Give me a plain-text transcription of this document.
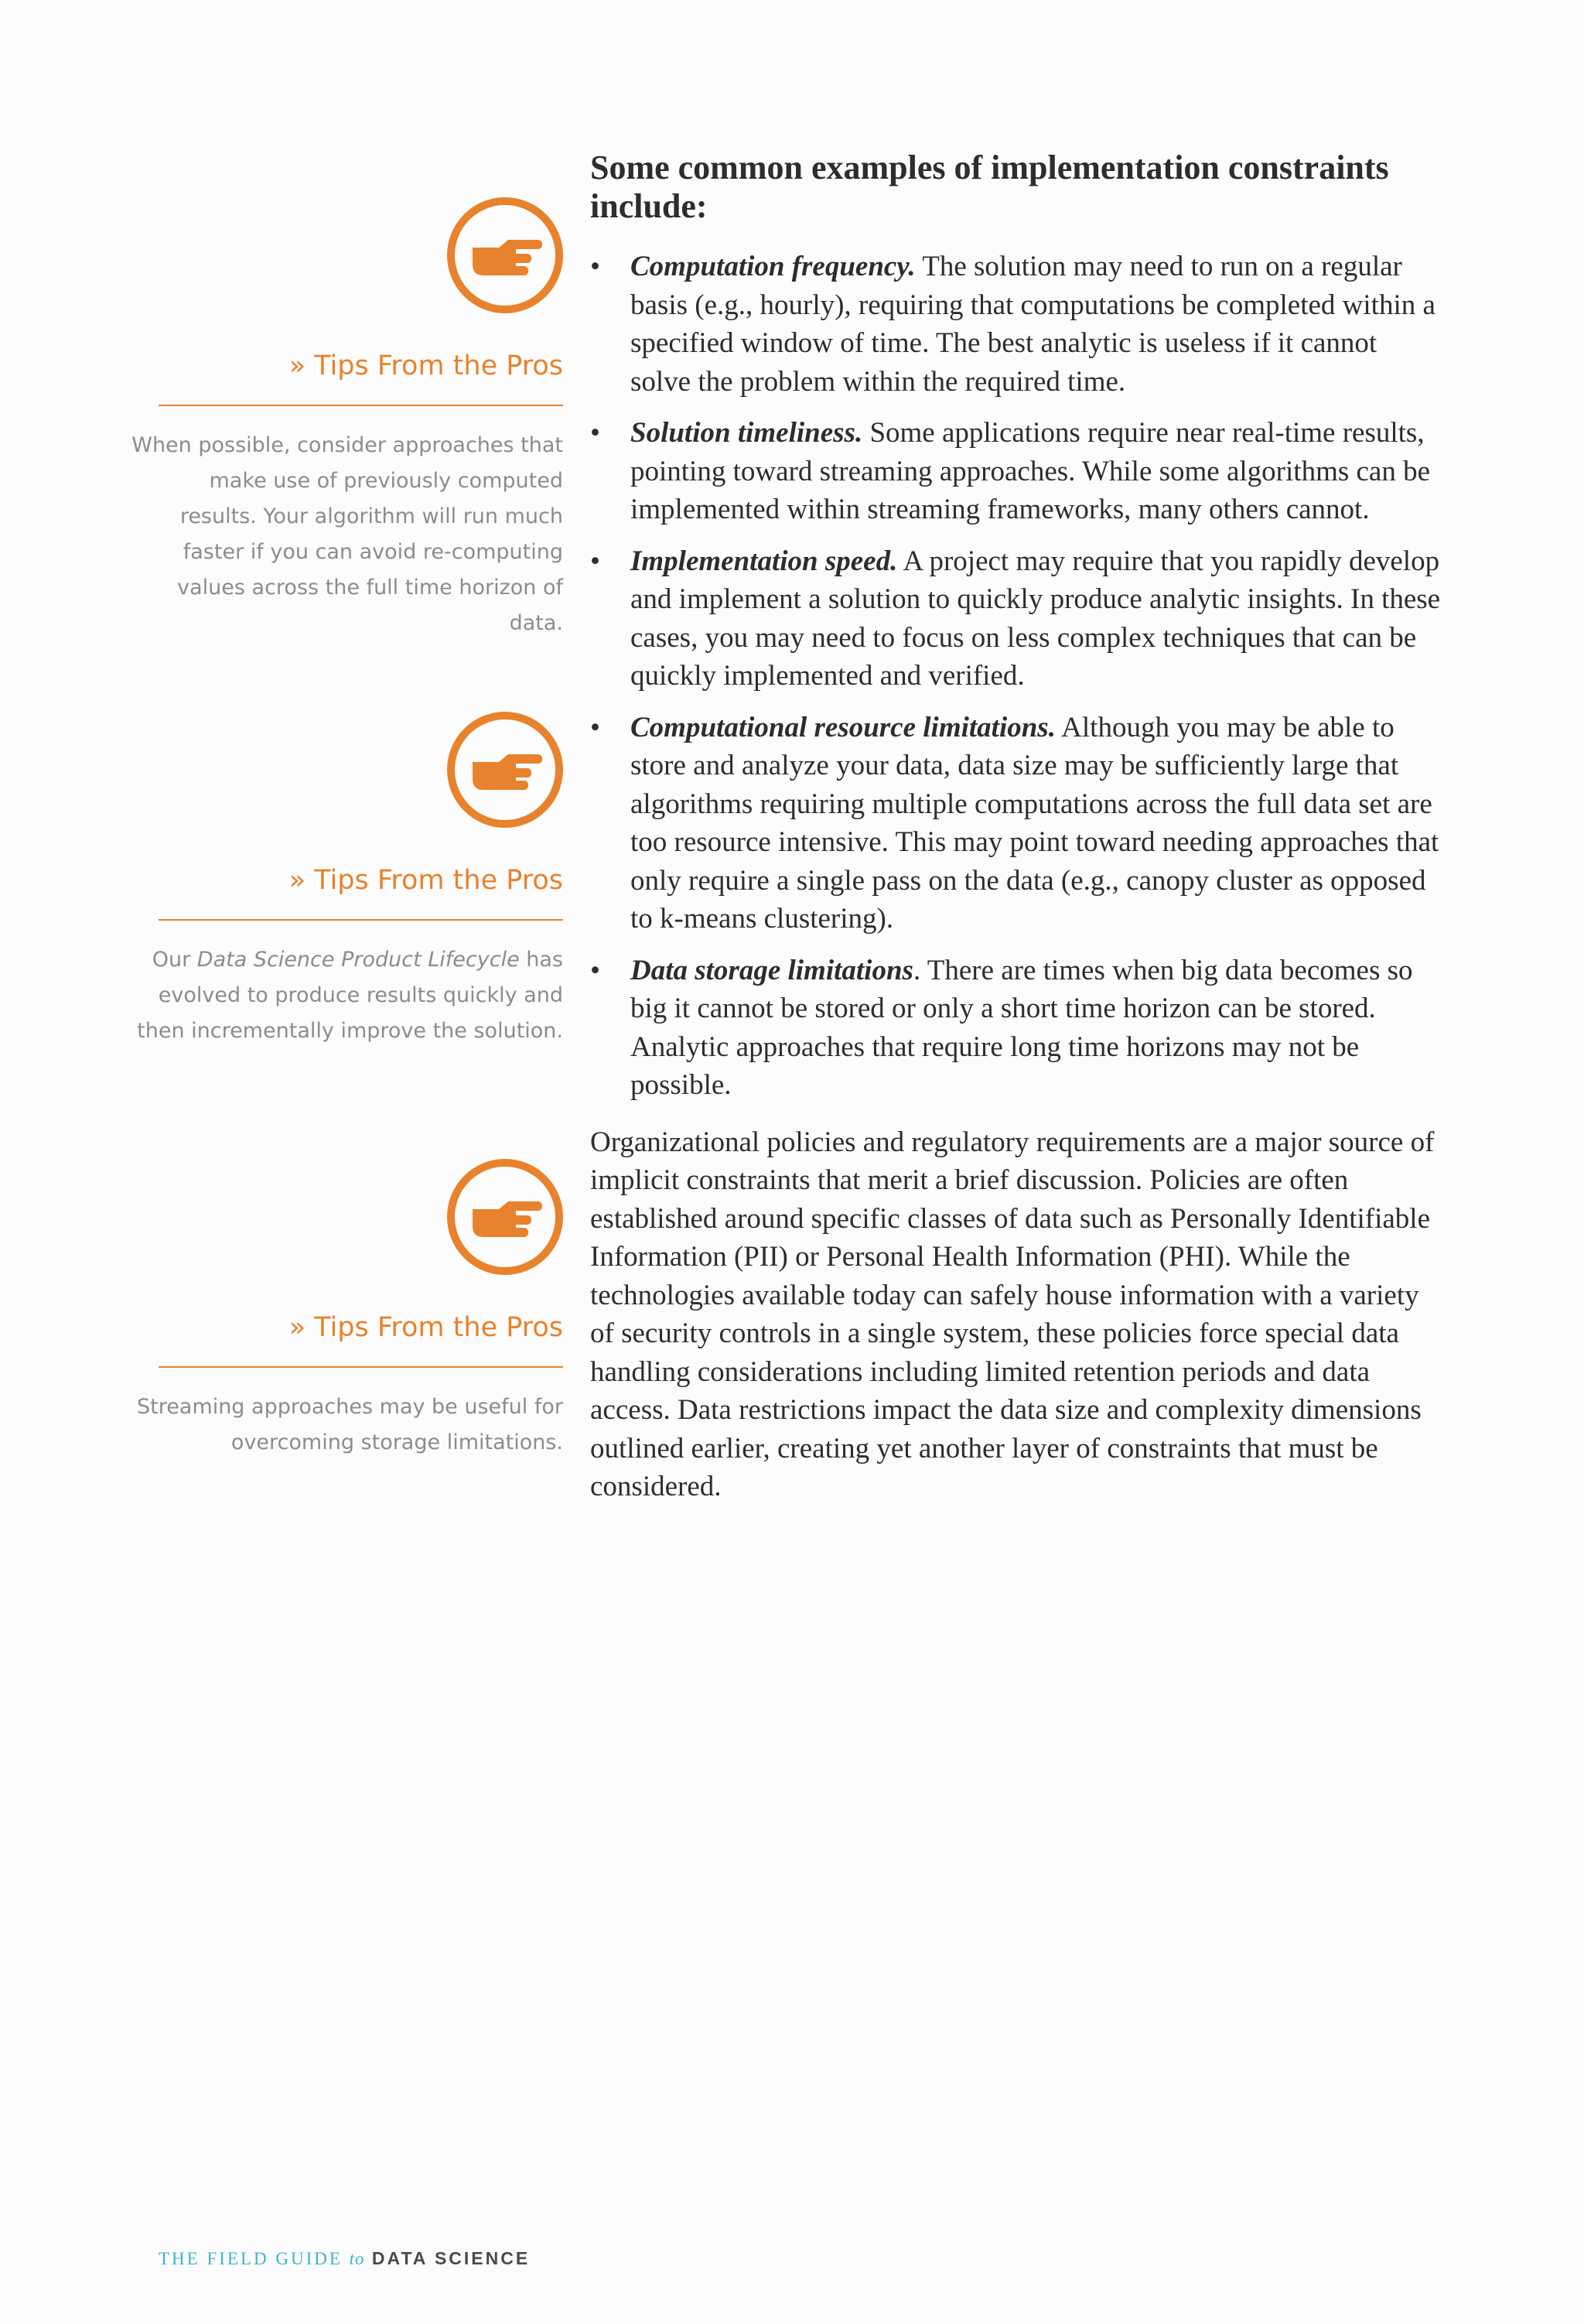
» Tips From the Pros
When possible, consider approaches that make use of previously computed results. Your algorithm will run much faster if you can avoid re-computing values across the full time horizon of data.
» Tips From the Pros
Our Data Science Product Lifecycle has evolved to produce results quickly and then incrementally improve the solution.
» Tips From the Pros
Streaming approaches may be useful for overcoming storage limitations.
Some common examples of implementation constraints include:
• Computation frequency. The solution may need to run on a regular basis (e.g., hourly), requiring that computations be completed within a specified window of time. The best analytic is useless if it cannot solve the problem within the required time.
• Solution timeliness. Some applications require near real-time results, pointing toward streaming approaches. While some algorithms can be implemented within streaming frameworks, many others cannot.
• Implementation speed. A project may require that you rapidly develop and implement a solution to quickly produce analytic insights. In these cases, you may need to focus on less complex techniques that can be quickly implemented and verified.
• Computational resource limitations. Although you may be able to store and analyze your data, data size may be sufficiently large that algorithms requiring multiple computations across the full data set are too resource intensive. This may point toward needing approaches that only require a single pass on the data (e.g., canopy cluster as opposed to k-means clustering).
• Data storage limitations. There are times when big data becomes so big it cannot be stored or only a short time horizon can be stored. Analytic approaches that require long time horizons may not be possible.

Organizational policies and regulatory requirements are a major source of implicit constraints that merit a brief discussion. Policies are often established around specific classes of data such as Personally Identifiable Information (PII) or Personal Health Information (PHI). While the technologies available today can safely house information with a variety of security controls in a single system, these policies force special data handling considerations including limited retention periods and data access. Data restrictions impact the data size and complexity dimensions outlined earlier, creating yet another layer of constraints that must be considered.

THE FIELD GUIDE to DATA SCIENCE
